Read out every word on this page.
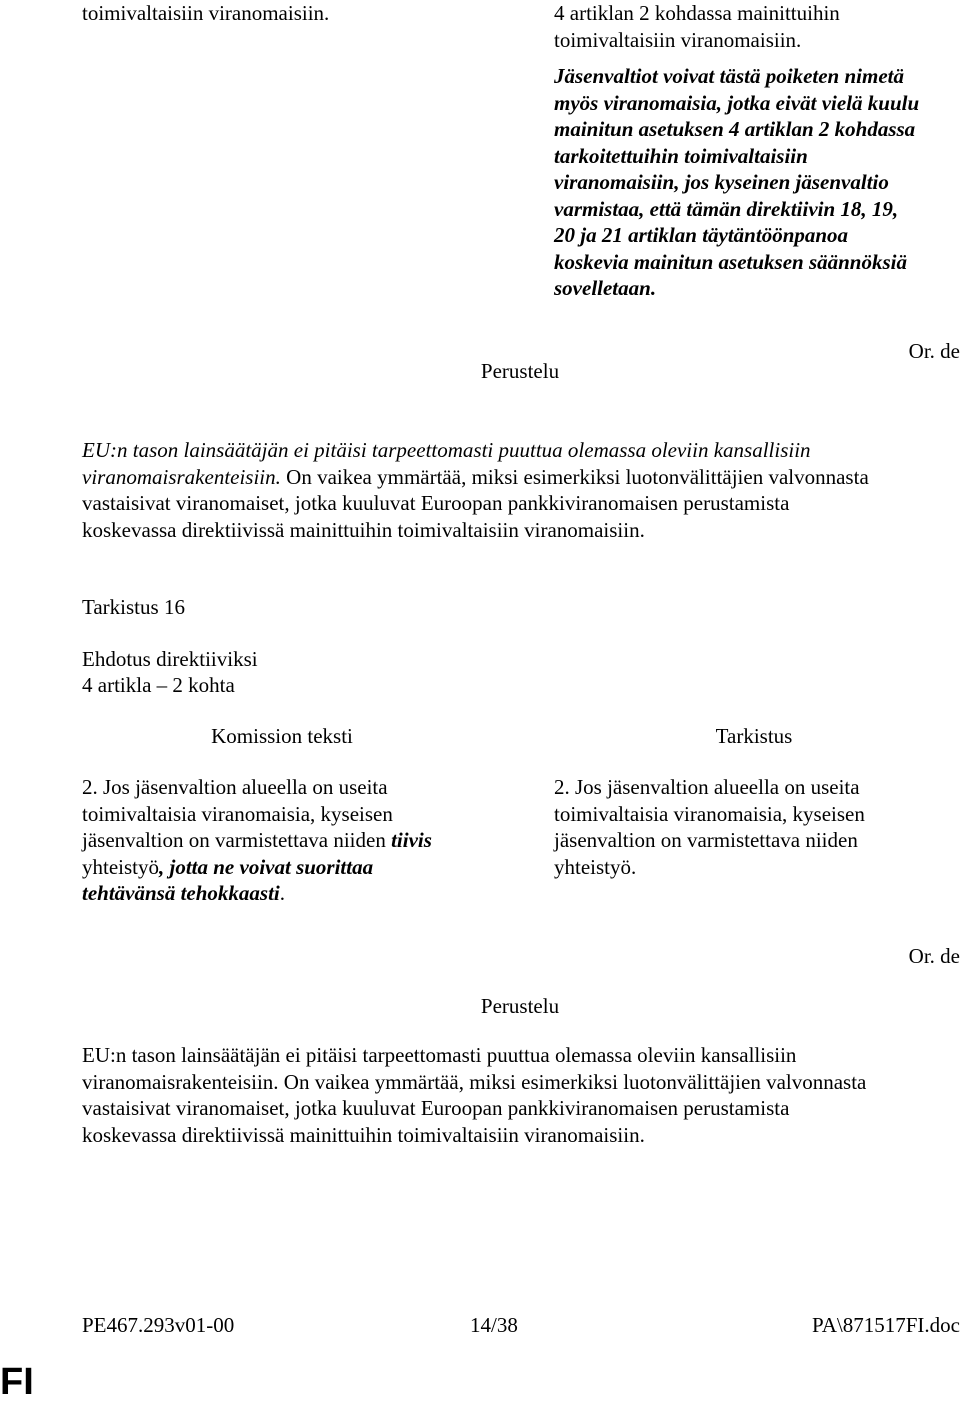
toimivaltaisiin viranomaisiin.	4 artiklan 2 kohdassa mainittuihin
toimivaltaisiin viranomaisiin.
Jäsenvaltiot voivat tästä poiketen nimetä
myös viranomaisia, jotka eivät vielä kuulu
mainitun asetuksen 4 artiklan 2 kohdassa
tarkoitettuihin toimivaltaisiin
viranomaisiin, jos kyseinen jäsenvaltio
varmistaa, että tämän direktiivin 18, 19,
20 ja 21 artiklan täytäntöönpanoa
koskevia mainitun asetuksen säännöksiä
sovelletaan.
Or. de
Perustelu
EU:n tason lainsäätäjän ei pitäisi tarpeettomasti puuttua olemassa oleviin kansallisiin
viranomaisrakenteisiin. On vaikea ymmärtää, miksi esimerkiksi luotonvälittäjien valvonnasta
vastaisivat viranomaiset, jotka kuuluvat Euroopan pankkiviranomaisen perustamista
koskevassa direktiivissä mainittuihin toimivaltaisiin viranomaisiin.
Tarkistus 16
Ehdotus direktiiviksi
4 artikla – 2 kohta
Komission teksti	Tarkistus
2. Jos jäsenvaltion alueella on useita
toimivaltaisia viranomaisia, kyseisen
jäsenvaltion on varmistettava niiden tiivis
yhteistyö, jotta ne voivat suorittaa
tehtävänsä tehokkaasti.
2. Jos jäsenvaltion alueella on useita
toimivaltaisia viranomaisia, kyseisen
jäsenvaltion on varmistettava niiden
yhteistyö.
Or. de
Perustelu
EU:n tason lainsäätäjän ei pitäisi tarpeettomasti puuttua olemassa oleviin kansallisiin
viranomaisrakenteisiin. On vaikea ymmärtää, miksi esimerkiksi luotonvälittäjien valvonnasta
vastaisivat viranomaiset, jotka kuuluvat Euroopan pankkiviranomaisen perustamista
koskevassa direktiivissä mainittuihin toimivaltaisiin viranomaisiin.
PE467.293v01-00	14/38	PA\871517FI.doc
FI
